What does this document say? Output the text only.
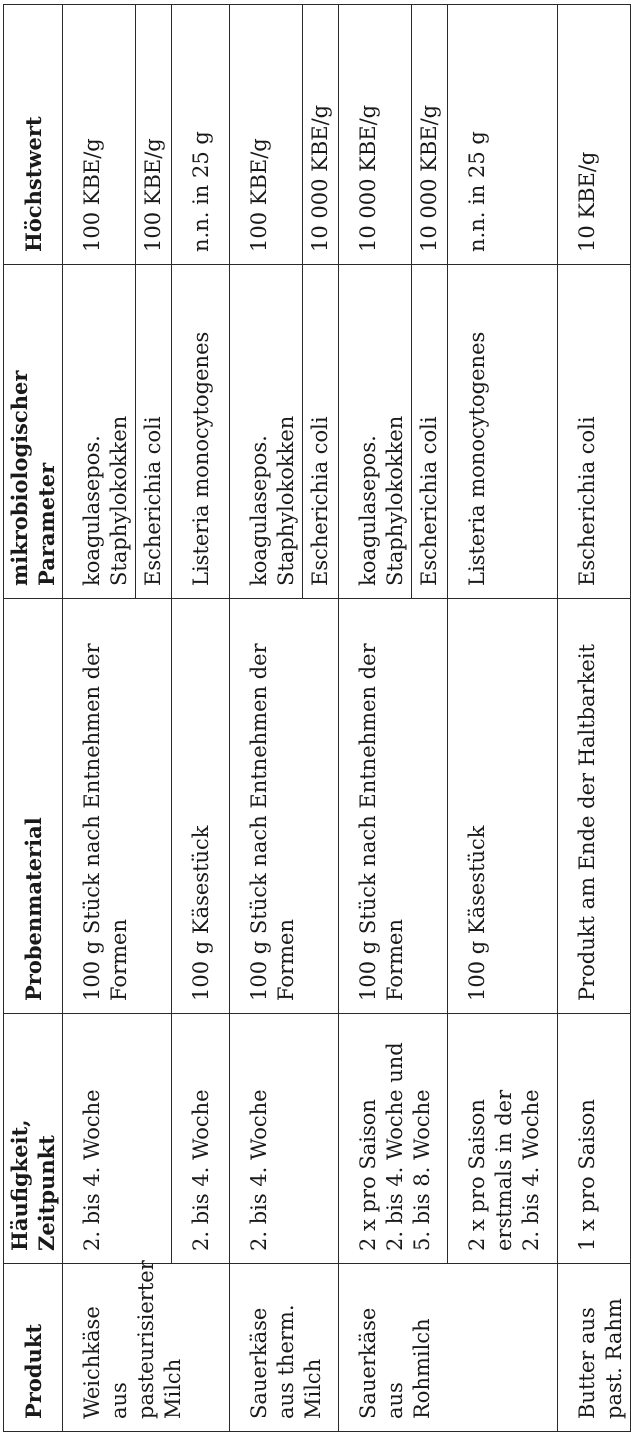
Produkt	Häufigkeit, Zeitpunkt	Probenmaterial	mikrobiologischer Parameter	Höchstwert
Weichkäse aus pasteurisierter Milch	2. bis 4. Woche	100 g Stück nach Entnehmen der Formen	koagulasepos. Staphylokokken	100 KBE/g
			Escherichia coli	100 KBE/g
	2. bis 4. Woche	100 g Käsestück	Listeria monocytogenes	n.n. in 25 g
Sauerkäse aus therm. Milch	2. bis 4. Woche	100 g Stück nach Entnehmen der Formen	koagulasepos. Staphylokokken	100 KBE/g
			Escherichia coli	10 000 KBE/g
Sauerkäse aus Rohmilch	2 x pro Saison 2. bis 4. Woche und 5. bis 8. Woche	100 g Stück nach Entnehmen der Formen	koagulasepos. Staphylokokken	10 000 KBE/g
			Escherichia coli	10 000 KBE/g

	2 x pro Saison erstmals in der 2. bis 4. Woche	100 g Käsestück	Listeria monocytogenes	n.n. in 25 g
Butter aus past. Rahm	1 x pro Saison	Produkt am Ende der Haltbarkeit	Escherichia coli	10 KBE/g
